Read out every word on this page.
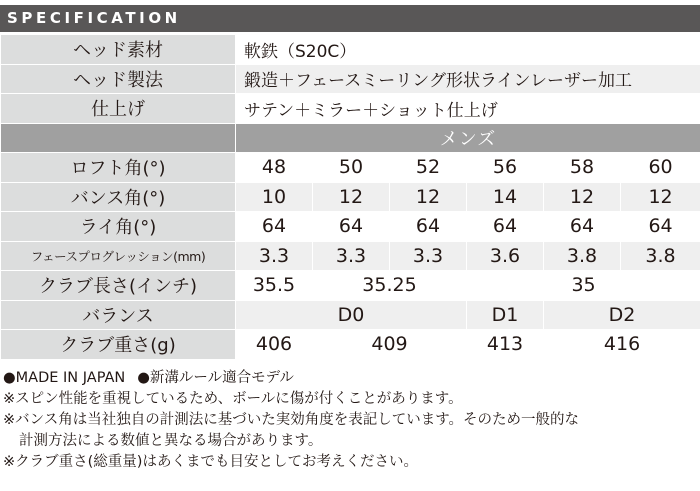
SPECIFICATION
ヘッド素材	軟鉄（S20C）					
ヘッド製法	鍛造＋フェースミーリング形状ラインレーザー加工					
仕上げ	サテン＋ミラー＋ショット仕上げ					
	メンズ					
ロフト角(°)	48	50	52	56	58	60
バンス角(°)	10	12	12	14	12	12
ライ角(°)	64	64	64	64	64	64
フェースプログレッション(mm)	3.3	3.3	3.3	3.6	3.8	3.8
クラブ長さ(インチ)	35.5	35.25		35		
バランス	D0			D1	D2	
クラブ重さ(g)	406	409		413	416	
●MADE IN JAPAN ●新溝ルール適合モデル
※スピン性能を重視しているため、ボールに傷が付くことがあります。
※バンス角は当社独自の計測法に基づいた実効角度を表記しています。そのため一般的な
計測方法による数値と異なる場合があります。
※クラブ重さ(総重量)はあくまでも目安としてお考えください。
